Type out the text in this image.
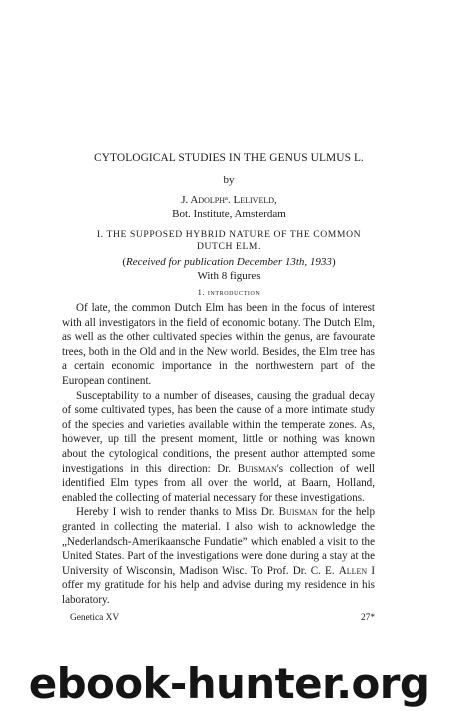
CYTOLOGICAL STUDIES IN THE GENUS ULMUS L.
by
J. Adolphᵃ. Leliveld,
Bot. Institute, Amsterdam
I. THE SUPPOSED HYBRID NATURE OF THE COMMON
DUTCH ELM.
(Received for publication December 13th, 1933)
With 8 figures
1. introduction

Of late, the common Dutch Elm has been in the focus of interest with all investigators in the field of economic botany. The Dutch Elm, as well as the other cultivated species within the genus, are favourate trees, both in the Old and in the New world. Besides, the Elm tree has a certain economic importance in the northwestern part of the European continent.

Susceptability to a number of diseases, causing the gradual decay of some cultivated types, has been the cause of a more intimate study of the species and varieties available within the temperate zones. As, however, up till the present moment, little or nothing was known about the cytological conditions, the present author attempted some investigations in this direction: Dr. Buisman's collection of well identified Elm types from all over the world, at Baarn, Holland, enabled the collecting of material necessary for these investigations.

Hereby I wish to render thanks to Miss Dr. Buisman for the help granted in collecting the material. I also wish to acknowledge the „Nederlandsch-Amerikaansche Fundatie” which enabled a visit to the United States. Part of the investigations were done during a stay at the University of Wisconsin, Madison Wisc. To Prof. Dr. C. E. Allen I offer my gratitude for his help and advise during my residence in his laboratory.

Genetica XV	27*
ebook-hunter.org
